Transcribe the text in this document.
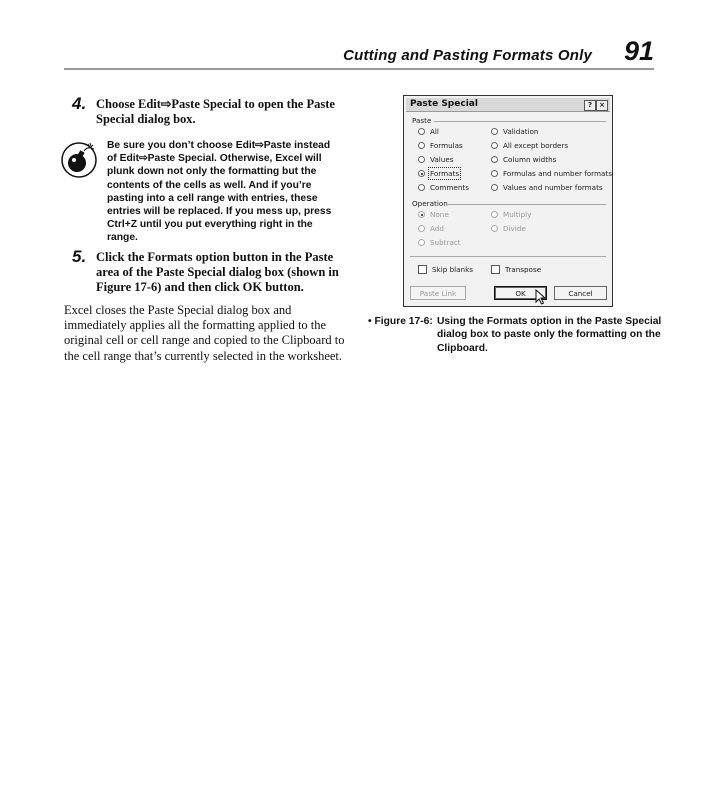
Cutting and Pasting Formats Only 91
4. Choose Edit⇨Paste Special to open the Paste Special dialog box.
Be sure you don’t choose Edit⇨Paste instead of Edit⇨Paste Special. Otherwise, Excel will plunk down not only the formatting but the contents of the cells as well. And if you’re pasting into a cell range with entries, these entries will be replaced. If you mess up, press Ctrl+Z until you put everything right in the range.
5. Click the Formats option button in the Paste area of the Paste Special dialog box (shown in Figure 17-6) and then click OK button.
Excel closes the Paste Special dialog box and immediately applies all the formatting applied to the original cell or cell range and copied to the Clipboard to the cell range that’s currently selected in the worksheet.
Paste Special	?	×
Paste
All
Formulas
Values
Formats
Comments
Validation
All except borders
Column widths
Formulas and number formats
Values and number formats
Operation
None
Add
Subtract
Multiply
Divide
Skip blanks	Transpose
Paste Link	OK	Cancel
• Figure 17-6: Using the Formats option in the Paste Special dialog box to paste only the formatting on the Clipboard.
